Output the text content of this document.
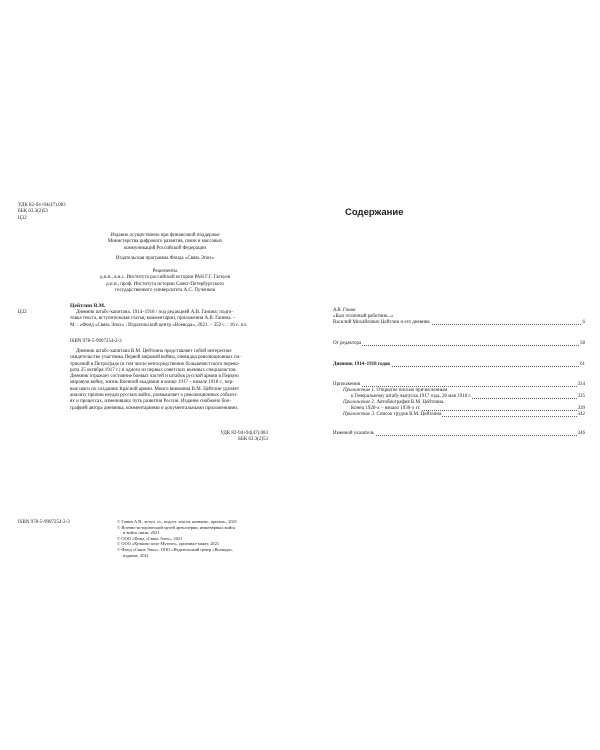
УДК 82-94+94(47).083
ББК 63.3(2)53
Ц32
Издание осуществлено при финансовой поддержке
Министерства цифрового развития, связи и массовых
коммуникаций Российской Федерации
Издательская программа Фонда «Связь Эпох»
Рецензенты
д.и.н., в.н.с. Института российской истории РАН Г.Г. Гагкуев
д.и.н., проф. Института истории Санкт-Петербургского
государственного университета А.С. Пученков
Ц32
Цейтлин В.М.
Дневник штабс-капитана. 1914–1918 / под редакцией А.В. Ганина; подго-
товка текста, вступительная статья, комментарии, приложения А.В. Ганина. –
М. : «Фонд «Связь Эпох» ; Издательский центр «Воевода», 2021. – 352 с. : 16 с. ил.
ISBN 978-5-9907254-2-3
Дневник штабс-капитана В.М. Цейтлина представляет собой интересное
свидетельство участника Первой мировой войны, очевидца революционных по-
трясений в Петрограде (в том числе непосредственно большевистского перево-
рота 25 октября 1917 г.) и одного из первых советских военных специалистов.
Дневник отражает состояние боевых частей и штабов русской армии в Первую
мировую войну, жизнь Военной академии в конце 1917 – начале 1918 г., пер-
вые шаги по созданию Красной армии. Много внимания В.М. Цейтлин уделяет
анализу причин неудач русских войск, размышляет о революционных событи-
ях и процессах, изменивших путь развития России. Издание снабжено био-
графией автора дневника, комментариями и документальными приложениями.
УДК 82-94+94(47).083
ББК 63.3(2)53
ISBN 978-5-9907254-2-3	© Ганин А.В., вступ. ст., подгот. текста, коммент., прилож., 2021
© Военно-исторический музей артиллерии, инженерных войск
и войск связи, 2021
© ООО «Фонд «Связь Эпох», 2021
© ООО «Кучково поле Музеон», оригинал-макет, 2021
© Фонд «Связь Эпох», ООО «Издательский центр «Воевода»,
издание, 2021
Содержание
А.В. Ганин
«Был отличный работник...»
Василий Михайлович Цейтлин и его дневник	6
От редактора	58
Дневник 1914–1918 годов	61
Приложения	334
Приложение 1. Открытое письмо причисленным
к Генеральному штабу выпуска 1917 года. 20 мая 1918 г.	335
Приложение 2. Автобиография В.М. Цейтлина.
Конец 1920-х – начало 1930-х гг.	339
Приложение 3. Список трудов В.М. Цейтлина	342
Именной указатель	346
